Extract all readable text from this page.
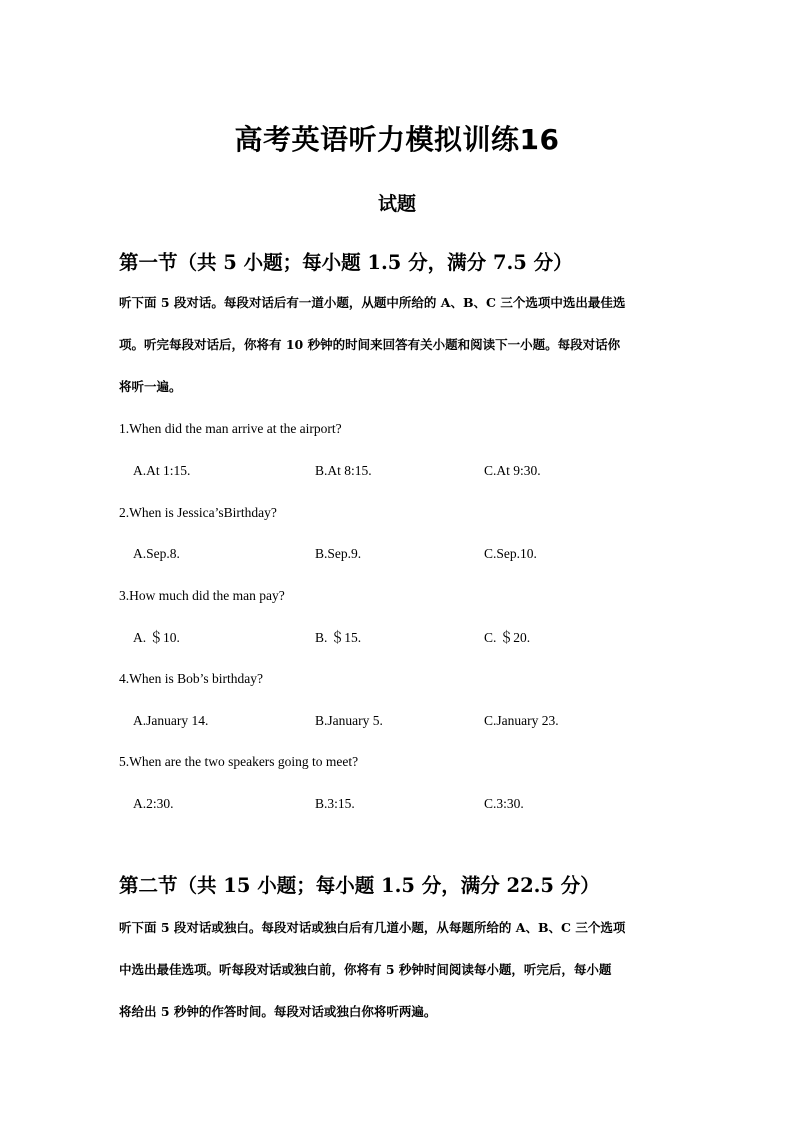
高考英语听力模拟训练16
试题
第一节（共 5 小题；每小题 1.5 分，满分 7.5 分）
听下面 5 段对话。每段对话后有一道小题，从题中所给的 A、B、C 三个选项中选出最佳选
项。听完每段对话后，你将有 10 秒钟的时间来回答有关小题和阅读下一小题。每段对话你
将听一遍。
1.When did the man arrive at the airport?
A.At 1:15.	B.At 8:15.	C.At 9:30.
2.When is Jessica’sBirthday?
A.Sep.8.	B.Sep.9.	C.Sep.10.
3.How much did the man pay?
A. ＄10.	B. ＄15.	C. ＄20.
4.When is Bob’s birthday?
A.January 14.	B.January 5.	C.January 23.
5.When are the two speakers going to meet?
A.2:30.	B.3:15.	C.3:30.
第二节（共 15 小题；每小题 1.5 分，满分 22.5 分）
听下面 5 段对话或独白。每段对话或独白后有几道小题，从每题所给的 A、B、C 三个选项
中选出最佳选项。听每段对话或独白前，你将有 5 秒钟时间阅读每小题，听完后，每小题
将给出 5 秒钟的作答时间。每段对话或独白你将听两遍。
